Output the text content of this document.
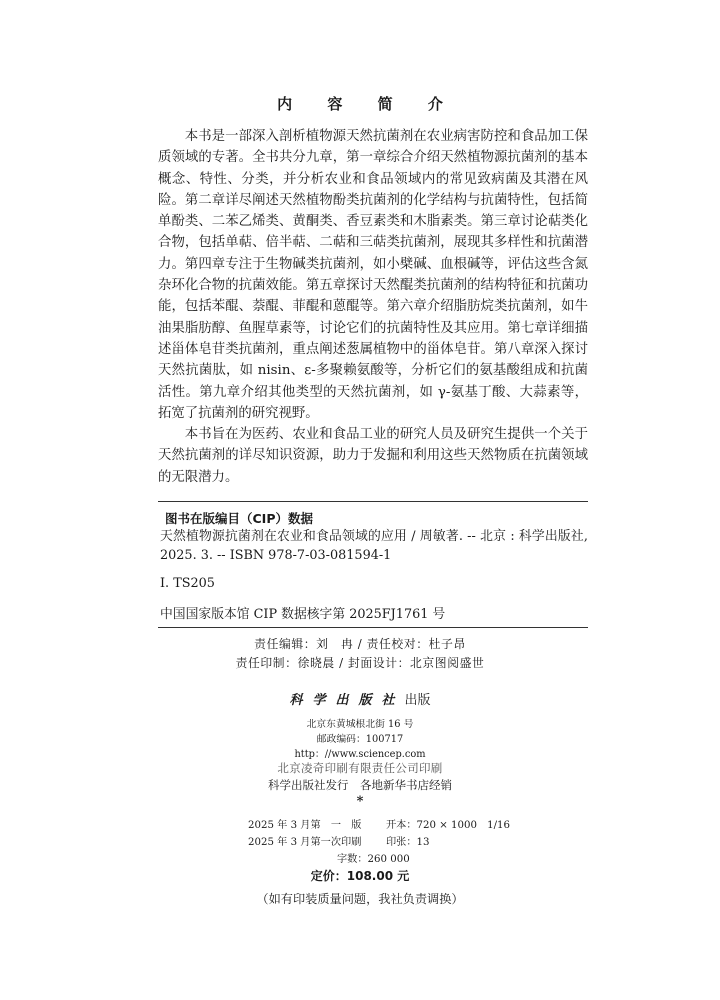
内 容 简 介

本书是一部深入剖析植物源天然抗菌剂在农业病害防控和食品加工保质领域的专著。全书共分九章，第一章综合介绍天然植物源抗菌剂的基本概念、特性、分类，并分析农业和食品领域内的常见致病菌及其潜在风险。第二章详尽阐述天然植物酚类抗菌剂的化学结构与抗菌特性，包括简单酚类、二苯乙烯类、黄酮类、香豆素类和木脂素类。第三章讨论萜类化合物，包括单萜、倍半萜、二萜和三萜类抗菌剂，展现其多样性和抗菌潜力。第四章专注于生物碱类抗菌剂，如小檗碱、血根碱等，评估这些含氮杂环化合物的抗菌效能。第五章探讨天然醌类抗菌剂的结构特征和抗菌功能，包括苯醌、萘醌、菲醌和蒽醌等。第六章介绍脂肪烷类抗菌剂，如牛油果脂肪醇、鱼腥草素等，讨论它们的抗菌特性及其应用。第七章详细描述甾体皂苷类抗菌剂，重点阐述葱属植物中的甾体皂苷。第八章深入探讨天然抗菌肽，如 nisin、ε-多聚赖氨酸等，分析它们的氨基酸组成和抗菌活性。第九章介绍其他类型的天然抗菌剂，如 γ-氨基丁酸、大蒜素等，拓宽了抗菌剂的研究视野。

本书旨在为医药、农业和食品工业的研究人员及研究生提供一个关于天然抗菌剂的详尽知识资源，助力于发掘和利用这些天然物质在抗菌领域的无限潜力。

图书在版编目（CIP）数据
天然植物源抗菌剂在农业和食品领域的应用 / 周敏著. -- 北京 : 科学出版社, 2025. 3. -- ISBN 978-7-03-081594-1
Ⅰ. TS205
中国国家版本馆 CIP 数据核字第 2025FJ1761 号
责任编辑：刘　冉 / 责任校对：杜子昂
责任印制：徐晓晨 / 封面设计：北京图阅盛世
科学出版社出版
北京东黄城根北街 16 号
邮政编码：100717
http：//www.sciencep.com
北京凌奇印刷有限责任公司印刷
科学出版社发行　各地新华书店经销
*
2025 年 3 月第　一　版 开本：720 × 1000　1/16
2025 年 3 月第一次印刷 印张：13
字数：260 000
定价：108.00 元
（如有印装质量问题，我社负责调换）
